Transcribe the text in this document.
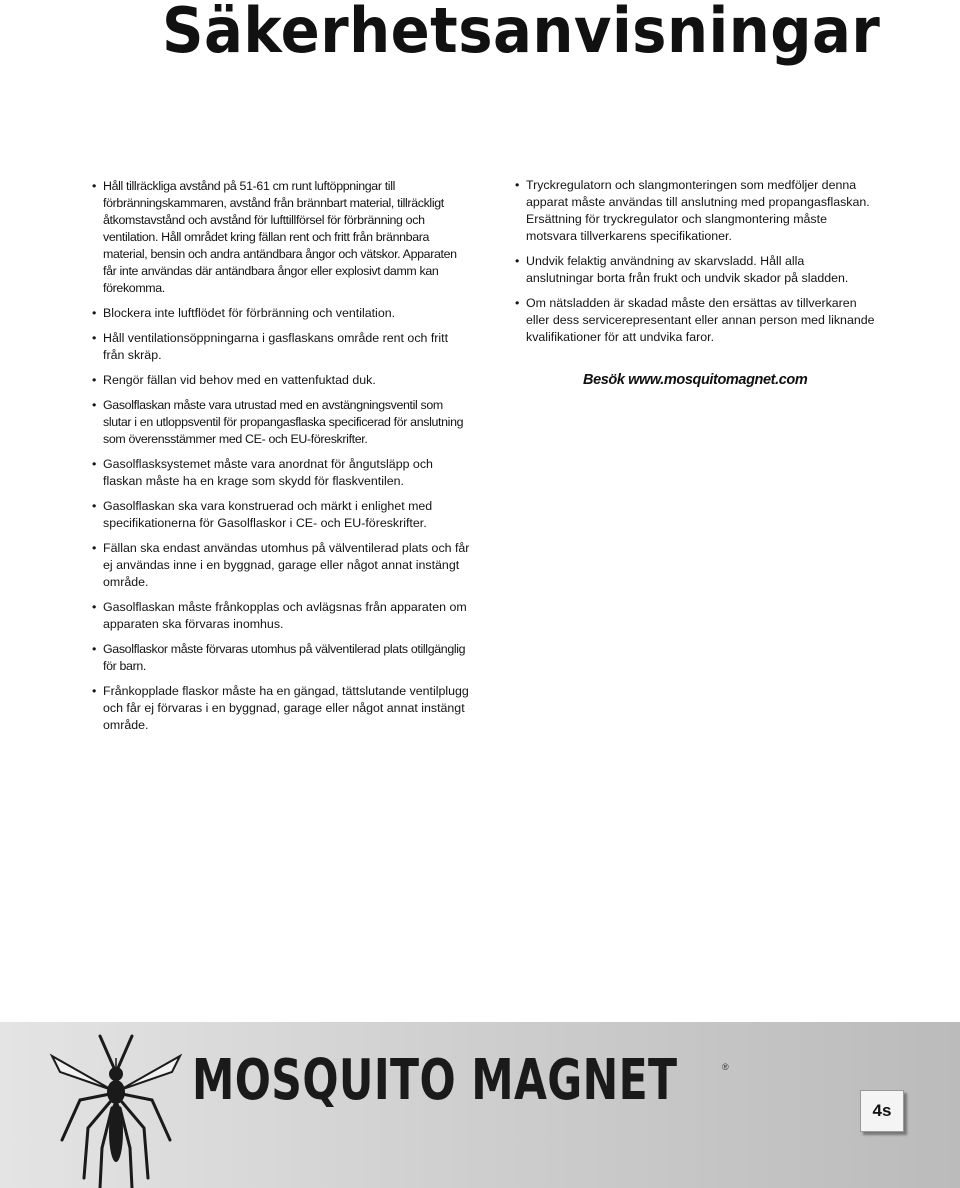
Säkerhetsanvisningar
• Håll tillräckliga avstånd på 51-61 cm runt luftöppningar till förbränningskammaren, avstånd från brännbart material, tillräckligt åtkomstavstånd och avstånd för lufttillförsel för förbränning och ventilation. Håll området kring fällan rent och fritt från brännbara material, bensin och andra antändbara ångor och vätskor. Apparaten får inte användas där antändbara ångor eller explosivt damm kan förekomma.
• Blockera inte luftflödet för förbränning och ventilation.
• Håll ventilationsöppningarna i gasflaskans område rent och fritt från skräp.
• Rengör fällan vid behov med en vattenfuktad duk.
• Gasolflaskan måste vara utrustad med en avstängningsventil som slutar i en utloppsventil för propangasflaska specificerad för anslutning som överensstämmer med CE- och EU-föreskrifter.
• Gasolflasksystemet måste vara anordnat för ångutsläpp och flaskan måste ha en krage som skydd för flaskventilen.
• Gasolflaskan ska vara konstruerad och märkt i enlighet med specifikationerna för Gasolflaskor i CE- och EU-föreskrifter.
• Fällan ska endast användas utomhus på välventilerad plats och får ej användas inne i en byggnad, garage eller något annat instängt område.
• Gasolflaskan måste frånkopplas och avlägsnas från apparaten om apparaten ska förvaras inomhus.
• Gasolflaskor måste förvaras utomhus på välventilerad plats otillgänglig för barn.
• Frånkopplade flaskor måste ha en gängad, tättslutande ventilplugg och får ej förvaras i en byggnad, garage eller något annat instängt område.
• Tryckregulatorn och slangmonteringen som medföljer denna apparat måste användas till anslutning med propangasflaskan. Ersättning för tryckregulator och slangmontering måste motsvara tillverkarens specifikationer.
• Undvik felaktig användning av skarvsladd. Håll alla anslutningar borta från frukt och undvik skador på sladden.
• Om nätsladden är skadad måste den ersättas av tillverkaren eller dess servicerepresentant eller annan person med liknande kvalifikationer för att undvika faror.
Besök www.mosquitomagnet.com
MOSQUITO MAGNET	®
4s
